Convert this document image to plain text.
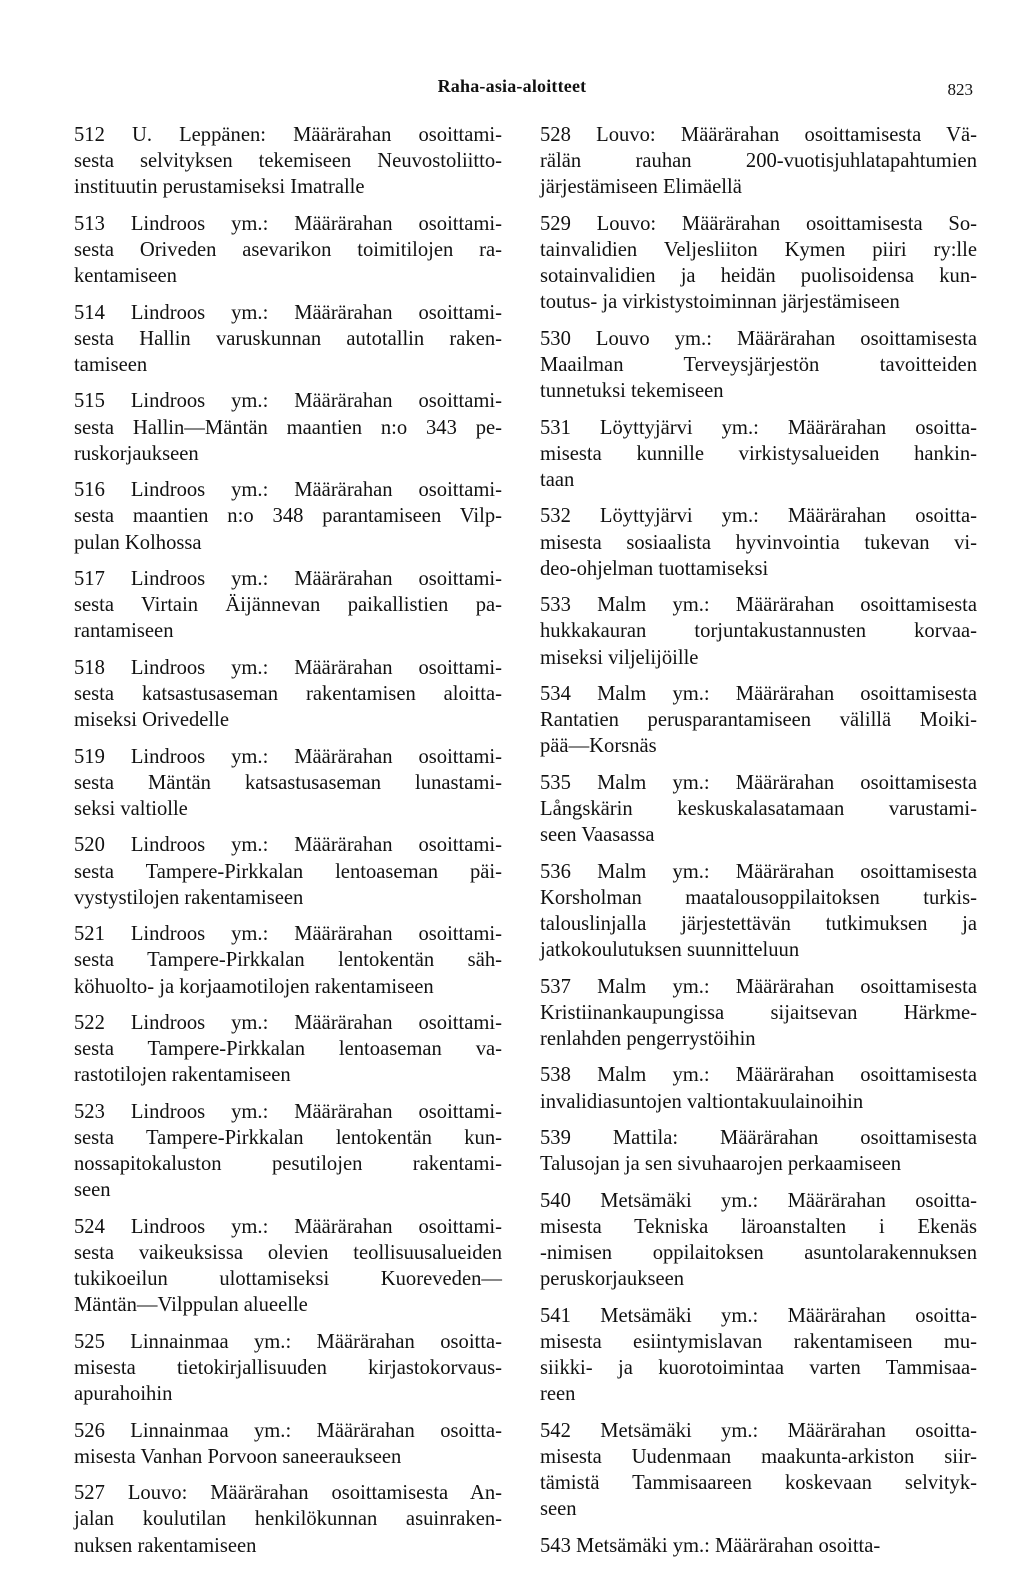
Raha-asia-aloitteet	823
512 U. Leppänen: Määrärahan osoittami-
sesta selvityksen tekemiseen Neuvostoliitto-
instituutin perustamiseksi Imatralle
513 Lindroos ym.: Määrärahan osoittami-
sesta Oriveden asevarikon toimitilojen ra-
kentamiseen
514 Lindroos ym.: Määrärahan osoittami-
sesta Hallin varuskunnan autotallin raken-
tamiseen
515 Lindroos ym.: Määrärahan osoittami-
sesta Hallin—Mäntän maantien n:o 343 pe-
ruskorjaukseen
516 Lindroos ym.: Määrärahan osoittami-
sesta maantien n:o 348 parantamiseen Vilp-
pulan Kolhossa
517 Lindroos ym.: Määrärahan osoittami-
sesta Virtain Äijännevan paikallistien pa-
rantamiseen
518 Lindroos ym.: Määrärahan osoittami-
sesta katsastusaseman rakentamisen aloitta-
miseksi Orivedelle
519 Lindroos ym.: Määrärahan osoittami-
sesta Mäntän katsastusaseman lunastami-
seksi valtiolle
520 Lindroos ym.: Määrärahan osoittami-
sesta Tampere-Pirkkalan lentoaseman päi-
vystystilojen rakentamiseen
521 Lindroos ym.: Määrärahan osoittami-
sesta Tampere-Pirkkalan lentokentän säh-
köhuolto- ja korjaamotilojen rakentamiseen
522 Lindroos ym.: Määrärahan osoittami-
sesta Tampere-Pirkkalan lentoaseman va-
rastotilojen rakentamiseen
523 Lindroos ym.: Määrärahan osoittami-
sesta Tampere-Pirkkalan lentokentän kun-
nossapitokaluston pesutilojen rakentami-
seen
524 Lindroos ym.: Määrärahan osoittami-
sesta vaikeuksissa olevien teollisuusalueiden
tukikoeilun ulottamiseksi Kuoreveden—
Mäntän—Vilppulan alueelle
525 Linnainmaa ym.: Määrärahan osoitta-
misesta tietokirjallisuuden kirjastokorvaus-
apurahoihin
526 Linnainmaa ym.: Määrärahan osoitta-
misesta Vanhan Porvoon saneeraukseen
527 Louvo: Määrärahan osoittamisesta An-
jalan koulutilan henkilökunnan asuinraken-
nuksen rakentamiseen
528 Louvo: Määrärahan osoittamisesta Vä-
rälän rauhan 200-vuotisjuhlatapahtumien
järjestämiseen Elimäellä
529 Louvo: Määrärahan osoittamisesta So-
tainvalidien Veljesliiton Kymen piiri ry:lle
sotainvalidien ja heidän puolisoidensa kun-
toutus- ja virkistystoiminnan järjestämiseen
530 Louvo ym.: Määrärahan osoittamisesta
Maailman Terveysjärjestön tavoitteiden
tunnetuksi tekemiseen
531 Löyttyjärvi ym.: Määrärahan osoitta-
misesta kunnille virkistysalueiden hankin-
taan
532 Löyttyjärvi ym.: Määrärahan osoitta-
misesta sosiaalista hyvinvointia tukevan vi-
deo-ohjelman tuottamiseksi
533 Malm ym.: Määrärahan osoittamisesta
hukkakauran torjuntakustannusten korvaa-
miseksi viljelijöille
534 Malm ym.: Määrärahan osoittamisesta
Rantatien perusparantamiseen välillä Moiki-
pää—Korsnäs
535 Malm ym.: Määrärahan osoittamisesta
Långskärin keskuskalasatamaan varustami-
seen Vaasassa
536 Malm ym.: Määrärahan osoittamisesta
Korsholman maatalousoppilaitoksen turkis-
talouslinjalla järjestettävän tutkimuksen ja
jatkokoulutuksen suunnitteluun
537 Malm ym.: Määrärahan osoittamisesta
Kristiinankaupungissa sijaitsevan Härkme-
renlahden pengerrystöihin
538 Malm ym.: Määrärahan osoittamisesta
invalidiasuntojen valtiontakuulainoihin
539 Mattila: Määrärahan osoittamisesta
Talusojan ja sen sivuhaarojen perkaamiseen
540 Metsämäki ym.: Määrärahan osoitta-
misesta Tekniska läroanstalten i Ekenäs
-nimisen oppilaitoksen asuntolarakennuksen
peruskorjaukseen
541 Metsämäki ym.: Määrärahan osoitta-
misesta esiintymislavan rakentamiseen mu-
siikki- ja kuorotoimintaa varten Tammisaa-
reen
542 Metsämäki ym.: Määrärahan osoitta-
misesta Uudenmaan maakunta-arkiston siir-
tämistä Tammisaareen koskevaan selvityk-
seen
543 Metsämäki ym.: Määrärahan osoitta-
